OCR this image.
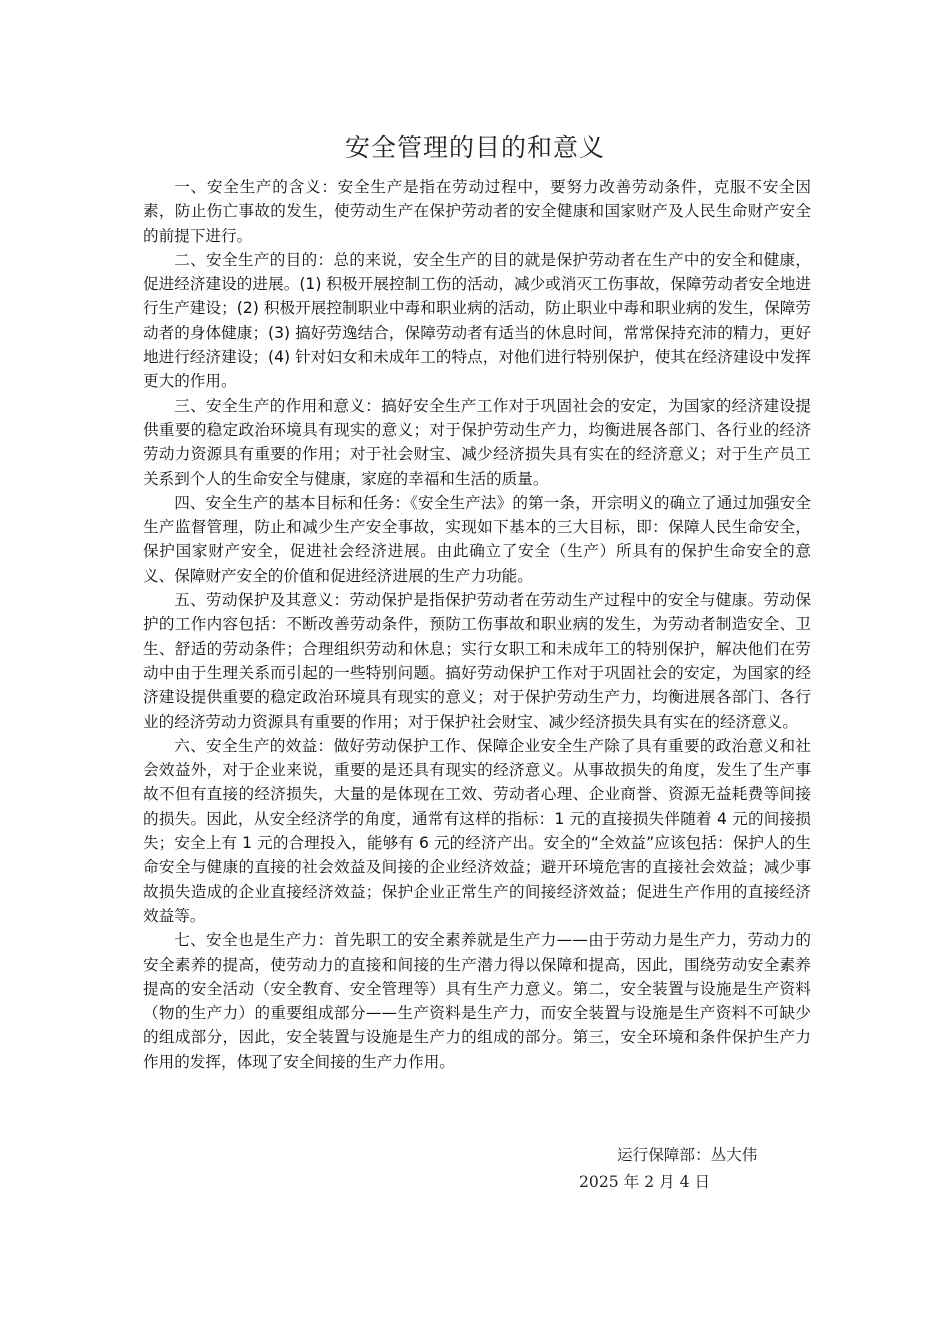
安全管理的目的和意义

一、安全生产的含义：安全生产是指在劳动过程中，要努力改善劳动条件，克服不安全因素，防止伤亡事故的发生，使劳动生产在保护劳动者的安全健康和国家财产及人民生命财产安全的前提下进行。

二、安全生产的目的：总的来说，安全生产的目的就是保护劳动者在生产中的安全和健康，促进经济建设的进展。(1) 积极开展控制工伤的活动，减少或消灭工伤事故，保障劳动者安全地进行生产建设；(2) 积极开展控制职业中毒和职业病的活动，防止职业中毒和职业病的发生，保障劳动者的身体健康；(3) 搞好劳逸结合，保障劳动者有适当的休息时间，常常保持充沛的精力，更好地进行经济建设；(4) 针对妇女和未成年工的特点，对他们进行特别保护，使其在经济建设中发挥更大的作用。

三、安全生产的作用和意义：搞好安全生产工作对于巩固社会的安定，为国家的经济建设提供重要的稳定政治环境具有现实的意义；对于保护劳动生产力，均衡进展各部门、各行业的经济劳动力资源具有重要的作用；对于社会财宝、减少经济损失具有实在的经济意义；对于生产员工关系到个人的生命安全与健康，家庭的幸福和生活的质量。

四、安全生产的基本目标和任务：《安全生产法》的第一条，开宗明义的确立了通过加强安全生产监督管理，防止和减少生产安全事故，实现如下基本的三大目标，即：保障人民生命安全，保护国家财产安全，促进社会经济进展。由此确立了安全（生产）所具有的保护生命安全的意义、保障财产安全的价值和促进经济进展的生产力功能。

五、劳动保护及其意义：劳动保护是指保护劳动者在劳动生产过程中的安全与健康。劳动保护的工作内容包括：不断改善劳动条件，预防工伤事故和职业病的发生，为劳动者制造安全、卫生、舒适的劳动条件；合理组织劳动和休息；实行女职工和未成年工的特别保护，解决他们在劳动中由于生理关系而引起的一些特别问题。搞好劳动保护工作对于巩固社会的安定，为国家的经济建设提供重要的稳定政治环境具有现实的意义；对于保护劳动生产力，均衡进展各部门、各行业的经济劳动力资源具有重要的作用；对于保护社会财宝、减少经济损失具有实在的经济意义。

六、安全生产的效益：做好劳动保护工作、保障企业安全生产除了具有重要的政治意义和社会效益外，对于企业来说，重要的是还具有现实的经济意义。从事故损失的角度，发生了生产事故不但有直接的经济损失，大量的是体现在工效、劳动者心理、企业商誉、资源无益耗费等间接的损失。因此，从安全经济学的角度，通常有这样的指标：1 元的直接损失伴随着 4 元的间接损失；安全上有 1 元的合理投入，能够有 6 元的经济产出。安全的“全效益”应该包括：保护人的生命安全与健康的直接的社会效益及间接的企业经济效益；避开环境危害的直接社会效益；减少事故损失造成的企业直接经济效益；保护企业正常生产的间接经济效益；促进生产作用的直接经济效益等。

七、安全也是生产力：首先职工的安全素养就是生产力——由于劳动力是生产力，劳动力的安全素养的提高，使劳动力的直接和间接的生产潜力得以保障和提高，因此，围绕劳动安全素养提高的安全活动（安全教育、安全管理等）具有生产力意义。第二，安全装置与设施是生产资料（物的生产力）的重要组成部分——生产资料是生产力，而安全装置与设施是生产资料不可缺少的组成部分，因此，安全装置与设施是生产力的组成的部分。第三，安全环境和条件保护生产力作用的发挥，体现了安全间接的生产力作用。

运行保障部：丛大伟
2025 年 2 月 4 日
